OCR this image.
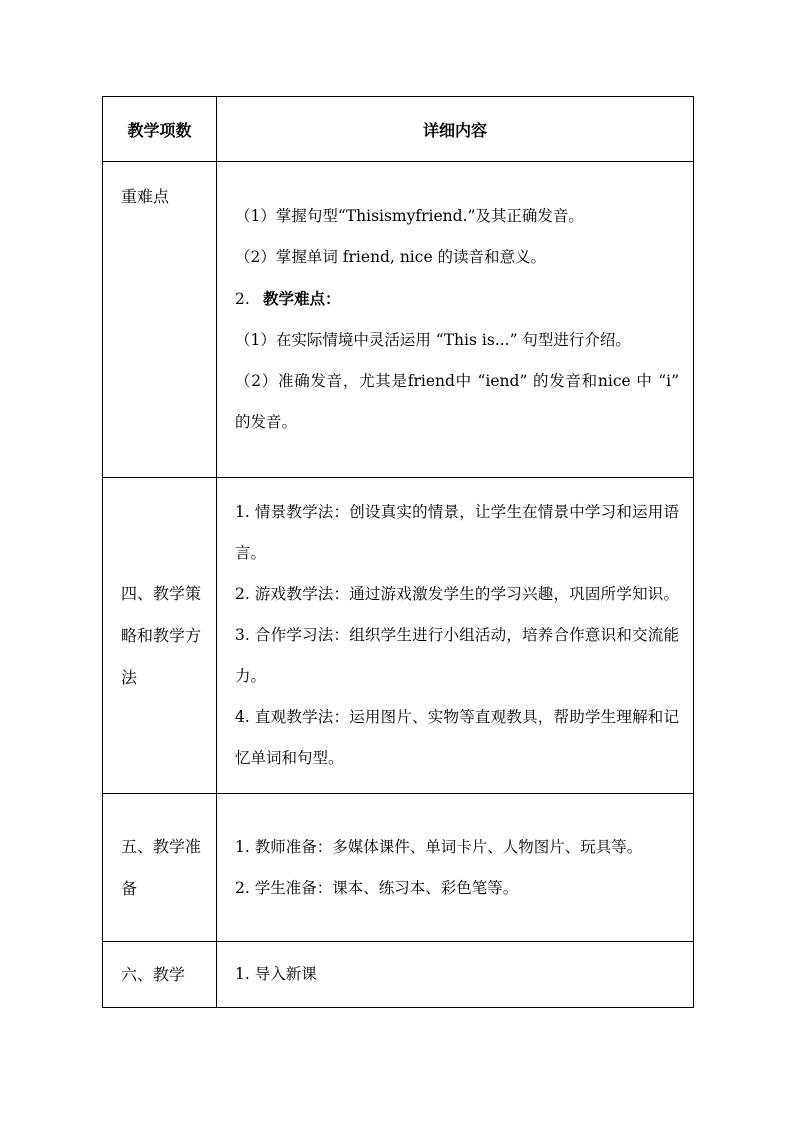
教学项数	详细内容
重难点	（1）掌握句型“Thisismyfriend.”及其正确发音。

（2）掌握单词 friend, nice 的读音和意义。

2. 教学难点：

（1）在实际情境中灵活运用 “This is...” 句型进行介绍。

（2）准确发音，尤其是friend中 “iend” 的发音和nice 中 “i” 的发音。

四、教学策略和教学方法	1. 情景教学法：创设真实的情景，让学生在情景中学习和运用语言。

2. 游戏教学法：通过游戏激发学生的学习兴趣，巩固所学知识。3. 合作学习法：组织学生进行小组活动，培养合作意识和交流能力。

4. 直观教学法：运用图片、实物等直观教具，帮助学生理解和记忆单词和句型。

五、教学准备	1. 教师准备：多媒体课件、单词卡片、人物图片、玩具等。

2. 学生准备：课本、练习本、彩色笔等。

六、教学	1. 导入新课
